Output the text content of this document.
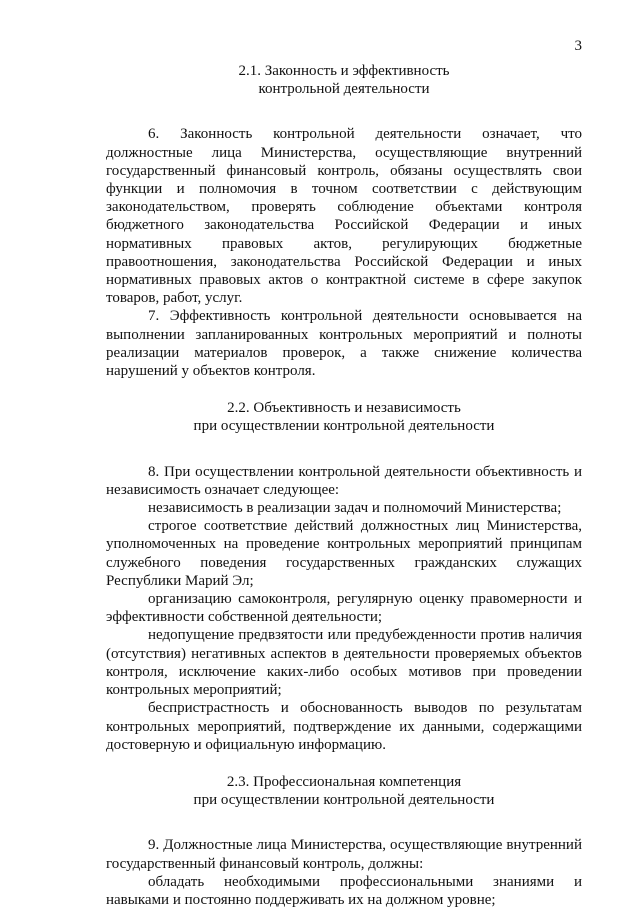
3

2.1. Законность и эффективность

контрольной деятельности

6. Законность контрольной деятельности означает, что должностные лица Министерства, осуществляющие внутренний государственный финансовый контроль, обязаны осуществлять свои функции и полномочия в точном соответствии с действующим законодательством, проверять соблюдение объектами контроля бюджетного законодательства Российской Федерации и иных нормативных правовых актов, регулирующих бюджетные правоотношения, законодательства Российской Федерации и иных нормативных правовых актов о контрактной системе в сфере закупок товаров, работ, услуг.

7. Эффективность контрольной деятельности основывается на выполнении запланированных контрольных мероприятий и полноты реализации материалов проверок, а также снижение количества нарушений у объектов контроля.

2.2. Объективность и независимость

при осуществлении контрольной деятельности

8. При осуществлении контрольной деятельности объективность и независимость означает следующее:

независимость в реализации задач и полномочий Министерства;

строгое соответствие действий должностных лиц Министерства, уполномоченных на проведение контрольных мероприятий принципам служебного поведения государственных гражданских служащих Республики Марий Эл;

организацию самоконтроля, регулярную оценку правомерности и эффективности собственной деятельности;

недопущение предвзятости или предубежденности против наличия (отсутствия) негативных аспектов в деятельности проверяемых объектов контроля, исключение каких-либо особых мотивов при проведении контрольных мероприятий;

беспристрастность и обоснованность выводов по результатам контрольных мероприятий, подтверждение их данными, содержащими достоверную и официальную информацию.

2.3. Профессиональная компетенция

при осуществлении контрольной деятельности

9. Должностные лица Министерства, осуществляющие внутренний государственный финансовый контроль, должны:

обладать необходимыми профессиональными знаниями и навыками и постоянно поддерживать их на должном уровне;
